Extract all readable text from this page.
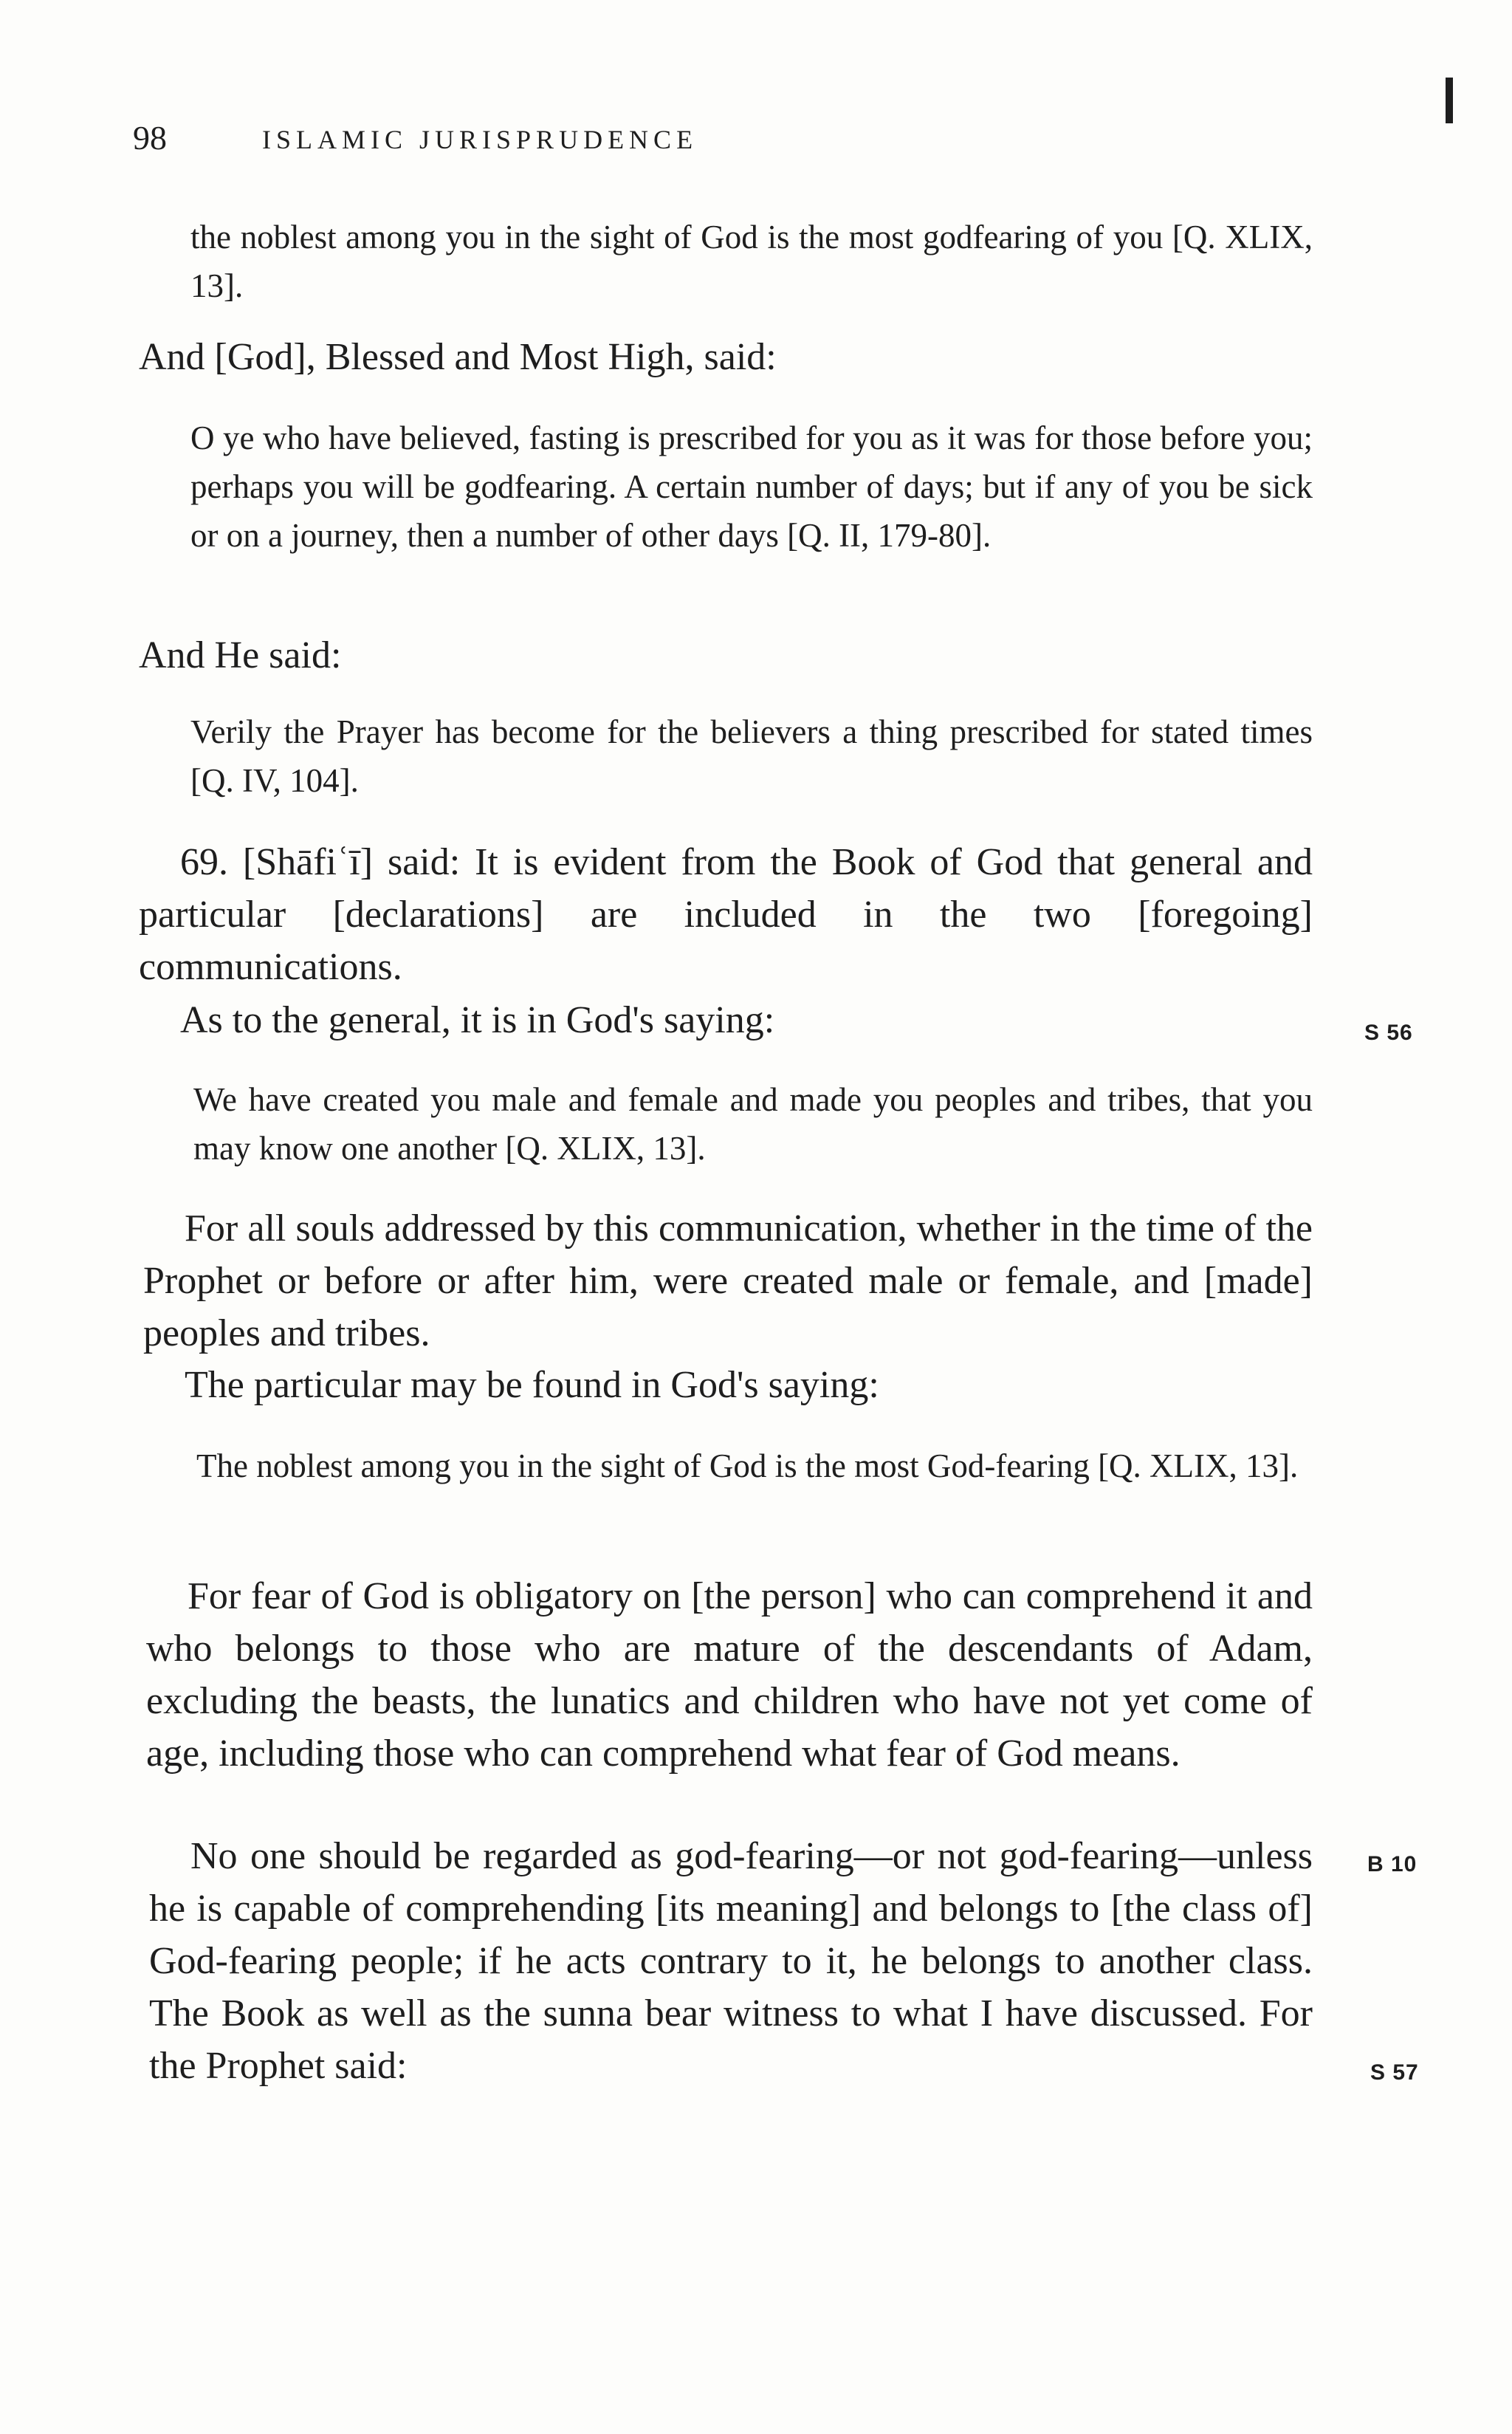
98	ISLAMIC JURISPRUDENCE

the noblest among you in the sight of God is the most godfearing of you [Q. XLIX, 13].

And [God], Blessed and Most High, said:

O ye who have believed, fasting is prescribed for you as it was for those before you; perhaps you will be godfearing. A certain number of days; but if any of you be sick or on a journey, then a number of other days [Q. II, 179-80].

And He said:

Verily the Prayer has become for the believers a thing prescribed for stated times [Q. IV, 104].

69. [Shāfiʿī] said: It is evident from the Book of God that general and particular [declarations] are included in the two [foregoing] communications.

As to the general, it is in God's saying:

We have created you male and female and made you peoples and tribes, that you may know one another [Q. XLIX, 13].

For all souls addressed by this communication, whether in the time of the Prophet or before or after him, were created male or female, and [made] peoples and tribes.

The particular may be found in God's saying:

The noblest among you in the sight of God is the most God-fearing [Q. XLIX, 13].

For fear of God is obligatory on [the person] who can comprehend it and who belongs to those who are mature of the descendants of Adam, excluding the beasts, the lunatics and children who have not yet come of age, including those who can comprehend what fear of God means.

No one should be regarded as god-fearing—or not god-fearing—unless he is capable of comprehending [its meaning] and belongs to [the class of] God-fearing people; if he acts contrary to it, he belongs to another class. The Book as well as the sunna bear witness to what I have discussed. For the Prophet said:

S 56
B 10
S 57
